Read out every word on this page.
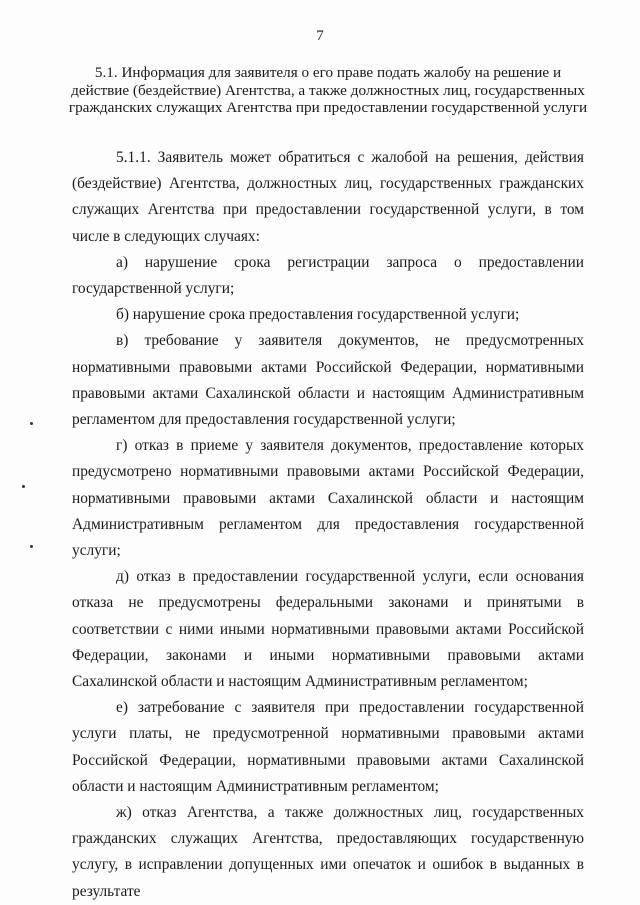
7
5.1. Информация для заявителя о его праве подать жалобу на решение и действие (бездействие) Агентства, а также должностных лиц, государственных гражданских служащих Агентства при предоставлении государственной услуги

5.1.1. Заявитель может обратиться с жалобой на решения, действия (бездействие) Агентства, должностных лиц, государственных гражданских служащих Агентства при предоставлении государственной услуги, в том числе в следующих случаях:

а) нарушение срока регистрации запроса о предоставлении государственной услуги;

б) нарушение срока предоставления государственной услуги;

в) требование у заявителя документов, не предусмотренных нормативными правовыми актами Российской Федерации, нормативными правовыми актами Сахалинской области и настоящим Административным регламентом для предоставления государственной услуги;

г) отказ в приеме у заявителя документов, предоставление которых предусмотрено нормативными правовыми актами Российской Федерации, нормативными правовыми актами Сахалинской области и настоящим Административным регламентом для предоставления государственной услуги;

д) отказ в предоставлении государственной услуги, если основания отказа не предусмотрены федеральными законами и принятыми в соответствии с ними иными нормативными правовыми актами Российской Федерации, законами и иными нормативными правовыми актами Сахалинской области и настоящим Административным регламентом;

е) затребование с заявителя при предоставлении государственной услуги платы, не предусмотренной нормативными правовыми актами Российской Федерации, нормативными правовыми актами Сахалинской области и настоящим Административным регламентом;

ж) отказ Агентства, а также должностных лиц, государственных гражданских служащих Агентства, предоставляющих государственную услугу, в исправлении допущенных ими опечаток и ошибок в выданных в результате
